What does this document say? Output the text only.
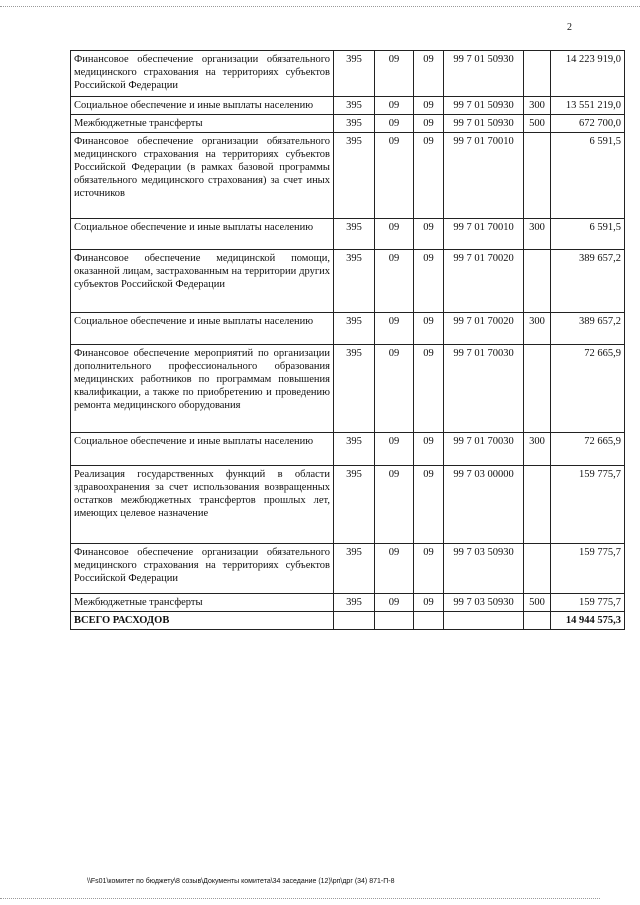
2
Финансовое обеспечение организации обязательного медицинского страхования на территориях субъектов Российской Федерации	395	09	09	99 7 01 50930		14 223 919,0
Социальное обеспечение и иные выплаты населению	395	09	09	99 7 01 50930	300	13 551 219,0
Межбюджетные трансферты	395	09	09	99 7 01 50930	500	672 700,0
Финансовое обеспечение организации обязательного медицинского страхования на территориях субъектов Российской Федерации (в рамках базовой программы обязательного медицинского страхования) за счет иных источников	395	09	09	99 7 01 70010		6 591,5
Социальное обеспечение и иные выплаты населению	395	09	09	99 7 01 70010	300	6 591,5
Финансовое обеспечение медицинской помощи, оказанной лицам, застрахованным на территории других субъектов Российской Федерации	395	09	09	99 7 01 70020		389 657,2
Социальное обеспечение и иные выплаты населению	395	09	09	99 7 01 70020	300	389 657,2
Финансовое обеспечение мероприятий по организации дополнительного профессионального образования медицинских работников по программам повышения квалификации, а также по приобретению и проведению ремонта медицинского оборудования	395	09	09	99 7 01 70030		72 665,9
Социальное обеспечение и иные выплаты населению	395	09	09	99 7 01 70030	300	72 665,9
Реализация государственных функций в области здравоохранения за счет использования возвращенных остатков межбюджетных трансфертов прошлых лет, имеющих целевое назначение	395	09	09	99 7 03 00000		159 775,7
Финансовое обеспечение организации обязательного медицинского страхования на территориях субъектов Российской Федерации	395	09	09	99 7 03 50930		159 775,7
Межбюджетные трансферты	395	09	09	99 7 03 50930	500	159 775,7
ВСЕГО РАСХОДОВ						14 944 575,3
\\Fs01\комитет по бюджету\8 созыв\Документы комитета\34 заседание (12)\рп\дрг (34) 871-П-8
